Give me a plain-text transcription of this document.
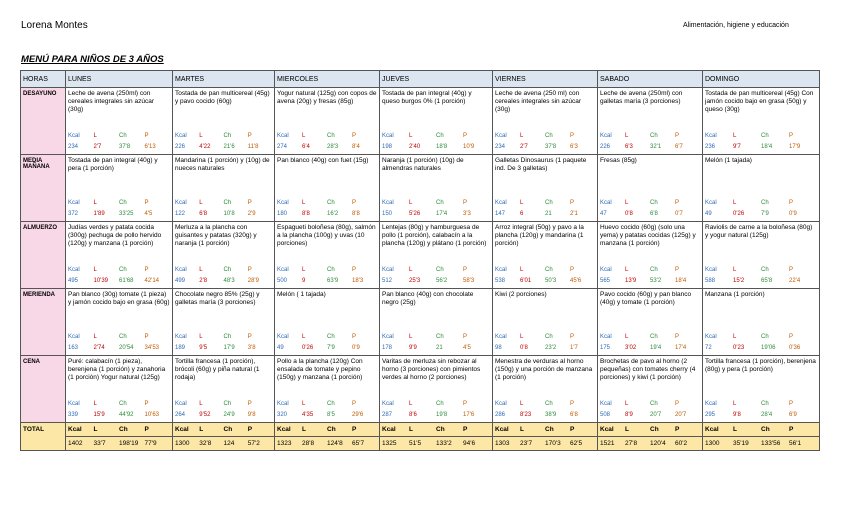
Lorena Montes	Alimentación, higiene y educación
MENÚ PARA NIÑOS DE 3 AÑOS
HORAS	LUNES	MARTES	MIERCOLES	JUEVES	VIERNES	SABADO	DOMINGO
DESAYUNO	Leche de avena (250ml) con cereales integrales sin azúcar (30g)	Tostada de pan multicereal (45g) y pavo cocido (60g)	Yogur natural (125g) con copos de avena (20g) y fresas (85g)	Tostada de pan integral (40g) y queso burgos 0% (1 porción)	Leche de avena (250 ml) con cereales integrales sin azúcar (30g)	Leche de avena (250ml) con galletas maría (3 porciones)	Tostada de pan multicereal (45g) Con jamón cocido bajo en grasa (50g) y queso (30g)

	Kcal L Ch P	Kcal L Ch P	Kcal L Ch P	Kcal L Ch P	Kcal L Ch P	Kcal L Ch P	Kcal L Ch P

	234 2'7 37'8 6'13	226 4'22 21'6 11'8	274 6'4 28'3 8'4	198 2'40 18'8 10'9	234 2'7 37'8 6'3	226 6'3 32'1 6'7	236 9'7 18'4 17'9

MEDIA MAÑANA	Tostada de pan integral (40g) y pera (1 porción)	Mandarina (1 porción) y (10g) de nueces naturales	Pan blanco (40g) con fuet (15g)	Naranja (1 porción) (10g) de almendras naturales	Galletas Dinosaurus (1 paquete ind. De 3 galletas)	Fresas (85g)	Melón (1 tajada)

	Kcal L Ch P	Kcal L Ch P	Kcal L Ch P	Kcal L Ch P	Kcal L Ch P	Kcal L Ch P	Kcal L Ch P

	372 1'89 33'25 4'5	122 6'8 10'8 2'9	180 8'8 16'2 8'8	150 5'26 17'4 3'3	147 6 21 2'1	47 0'8 6'8 0'7	49 0'26 7'9 0'9

ALMUERZO	Judías verdes y patata cocida (300g) pechuga de pollo hervido (120g) y manzana (1 porción)	Merluza a la plancha con guisantes y patatas (320g) y naranja (1 porción)	Espagueti boloñesa (80g), salmón a la plancha (100g) y uvas (10 porciones)	Lentejas (80g) y hamburguesa de pollo (1 porción), calabacín a la plancha (120g) y plátano (1 porción)	Arroz integral (50g) y pavo a la plancha (120g) y mandarina (1 porción)	Huevo cocido (60g) (solo una yema) y patatas cocidas (125g) y manzana (1 porción)	Raviolis de carne a la boloñesa (80g) y yogur natural (125g)

	Kcal L Ch P	Kcal L Ch P	Kcal L Ch P	Kcal L Ch P	Kcal L Ch P	Kcal L Ch P	Kcal L Ch P

	495 10'39 61'68 42'14	499 2'8 48'3 28'9	500 9 63'9 18'3	512 25'3 56'2 58'3	538 6'01 50'3 45'6	565 13'9 53'2 18'4	588 15'2 65'8 22'4

MERIENDA	Pan blanco (30g) tomate (1 pieza) y jamón cocido bajo en grasa (60g)	Chocolate negro 85% (25g) y galletas maría (3 porciones)	Melón ( 1 tajada)	Pan blanco (40g) con chocolate negro (25g)	Kiwi (2 porciones)	Pavo cocido (60g) y pan blanco (40g) y tomate (1 porción)	Manzana (1 porción)

	Kcal L Ch P	Kcal L Ch P	Kcal L Ch P	Kcal L Ch P	Kcal L Ch P	Kcal L Ch P	Kcal L Ch P

	163 2'74 20'54 34'53	189 9'5 17'9 3'8	49 0'26 7'9 0'9	178 9'9 21 4'5	98 0'8 23'2 1'7	175 3'02 19'4 17'4	72 0'23 19'06 0'36

CENA	Puré: calabacín (1 pieza), berenjena (1 porción) y zanahoria (1 porción) Yogur natural (125g)	Tortilla francesa (1 porción), brócoli (60g) y piña natural (1 rodaja)	Pollo a la plancha (120g) Con ensalada de tomate y pepino (150g) y manzana (1 porción)	Varitas de merluza sin rebozar al horno (3 porciones) con pimientos verdes al horno (2 porciones)	Menestra de verduras al horno (150g) y una porción de manzana (1 porción)	Brochetas de pavo al horno (2 pequeñas) con tomates cherry (4 porciones) y kiwi (1 porción)	Tortilla francesa (1 porción), berenjena (80g) y pera (1 porción)

	Kcal L Ch P	Kcal L Ch P	Kcal L Ch P	Kcal L Ch P	Kcal L Ch P	Kcal L Ch P	Kcal L Ch P

	339 15'9 44'92 10'63	264 9'52 24'9 9'8	320 4'35 8'5 29'6	287 8'6 19'8 17'6	286 8'23 38'9 6'8	508 8'9 20'7 20'7	295 9'8 28'4 6'9

TOTAL	Kcal L Ch P	Kcal L Ch P	Kcal L Ch P	Kcal L Ch P	Kcal L Ch P	Kcal L Ch P	Kcal L Ch P

	1402 33'7 198'19 77'9	1300 32'8 124 57'2	1323 28'8 124'8 65'7	1325 51'5 133'2 94'6	1303 23'7 170'3 62'5	1521 27'8 120'4 60'2	1300 35'19 133'56 56'1
